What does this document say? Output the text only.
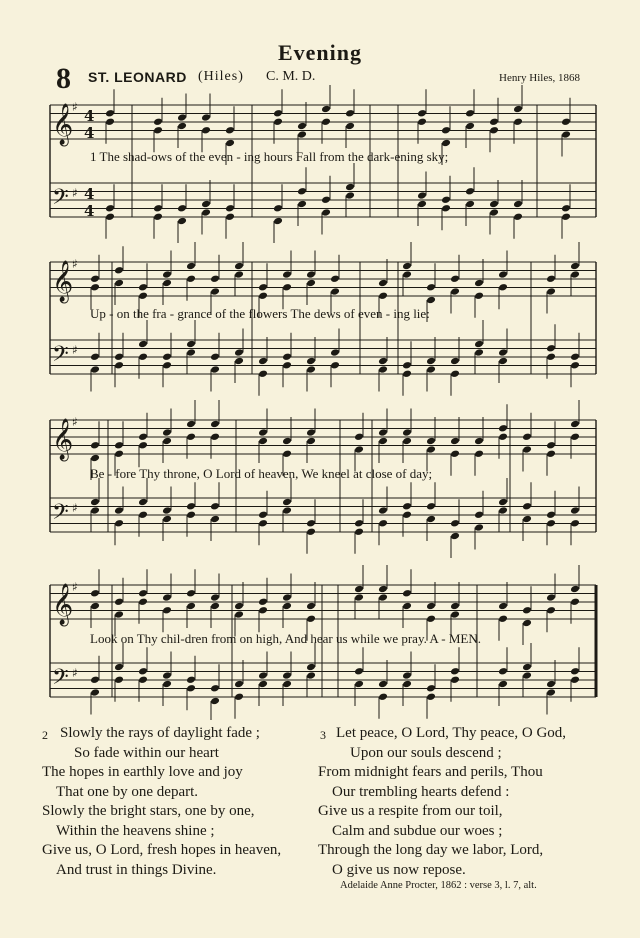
Evening
8 ST. LEONARD (Hiles) C. M. D.	Henry Hiles, 1868
𝄞
♯
𝄢 ♯
4
4
4
4
𝄞
♯
𝄢 ♯
𝄞
♯
𝄢 ♯
𝄞
♯
𝄢 ♯
1 The shad-ows of the even - ing hours Fall from the dark-ening sky;
Up - on the fra - grance of the flowers The dews of even - ing lie:
Be - fore Thy throne, O Lord of heaven, We kneel at close of day;
Look on Thy chil-dren from on high, And hear us while we pray. A - MEN.
2 Slowly the rays of daylight fade ;
So fade within our heart
The hopes in earthly love and joy
That one by one depart.
Slowly the bright stars, one by one,
Within the heavens shine ;
Give us, O Lord, fresh hopes in heaven,
And trust in things Divine.
3 Let peace, O Lord, Thy peace, O God,
Upon our souls descend ;
From midnight fears and perils, Thou
Our trembling hearts defend :
Give us a respite from our toil,
Calm and subdue our woes ;
Through the long day we labor, Lord,
O give us now repose.
Adelaide Anne Procter, 1862 : verse 3, l. 7, alt.
